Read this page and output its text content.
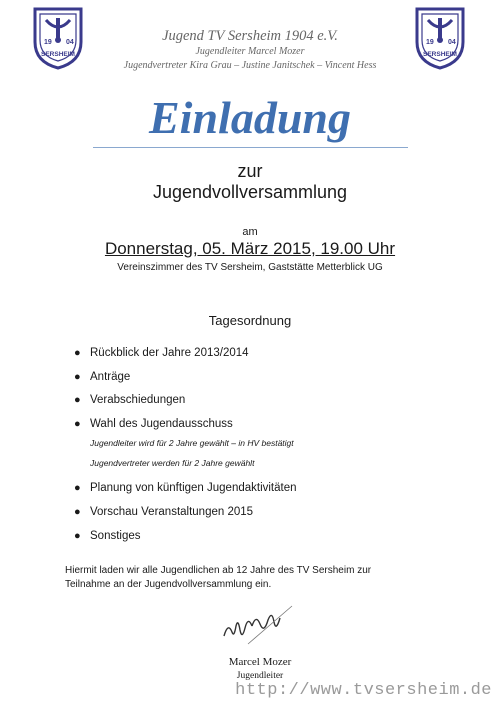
19 04
SERSHEIM
19 04
SERSHEIM
Jugend TV Sersheim 1904 e.V.
Jugendleiter Marcel Mozer
Jugendvertreter Kira Grau – Justine Janitschek – Vincent Hess
Einladung
zur
Jugendvollversammlung
am
Donnerstag, 05. März 2015, 19.00 Uhr
Vereinszimmer des TV Sersheim, Gaststätte Metterblick UG
Tagesordnung
● Rückblick der Jahre 2013/2014
● Anträge
● Verabschiedungen
● Wahl des Jugendausschuss
Jugendleiter wird für 2 Jahre gewählt – in HV bestätigt
Jugendvertreter werden für 2 Jahre gewählt
● Planung von künftigen Jugendaktivitäten
● Vorschau Veranstaltungen 2015
● Sonstiges
Hiermit laden wir alle Jugendlichen ab 12 Jahre des TV Sersheim zur
Teilnahme an der Jugendvollversammlung ein.
Marcel Mozer
Jugendleiter
http://www.tvsersheim.de
